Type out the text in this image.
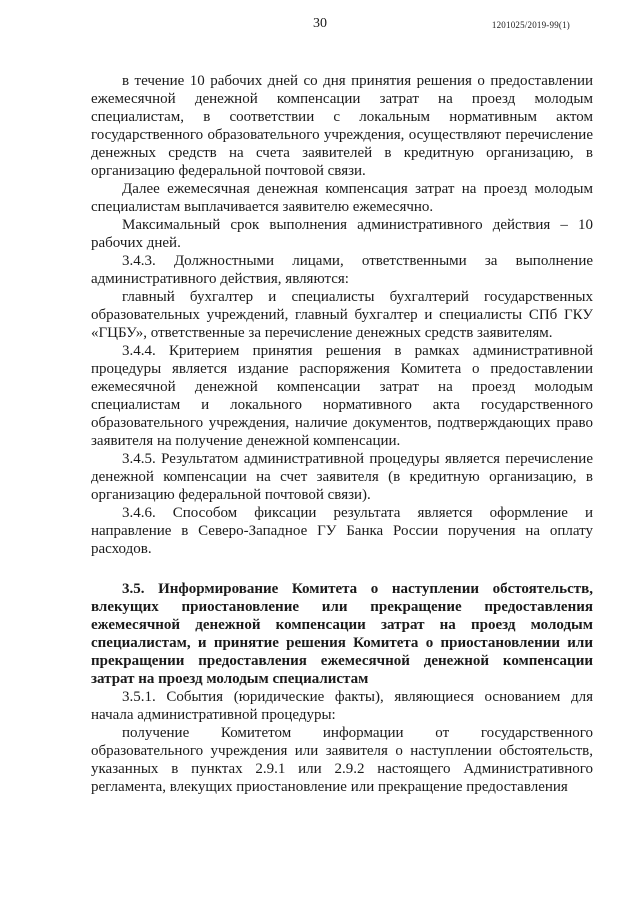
30	1201025/2019-99(1)

в течение 10 рабочих дней со дня принятия решения о предоставлении ежемесячной денежной компенсации затрат на проезд молодым специалистам, в соответствии с локальным нормативным актом государственного образовательного учреждения, осуществляют перечисление денежных средств на счета заявителей в кредитную организацию, в организацию федеральной почтовой связи.

Далее ежемесячная денежная компенсация затрат на проезд молодым специалистам выплачивается заявителю ежемесячно.

Максимальный срок выполнения административного действия – 10 рабочих дней.

3.4.3. Должностными лицами, ответственными за выполнение административного действия, являются:

главный бухгалтер и специалисты бухгалтерий государственных образовательных учреждений, главный бухгалтер и специалисты СПб ГКУ «ГЦБУ», ответственные за перечисление денежных средств заявителям.

3.4.4. Критерием принятия решения в рамках административной процедуры является издание распоряжения Комитета о предоставлении ежемесячной денежной компенсации затрат на проезд молодым специалистам и локального нормативного акта государственного образовательного учреждения, наличие документов, подтверждающих право заявителя на получение денежной компенсации.

3.4.5. Результатом административной процедуры является перечисление денежной компенсации на счет заявителя (в кредитную организацию, в организацию федеральной почтовой связи).

3.4.6. Способом фиксации результата является оформление и направление в Северо-Западное ГУ Банка России поручения на оплату расходов.

3.5. Информирование Комитета о наступлении обстоятельств, влекущих приостановление или прекращение предоставления ежемесячной денежной компенсации затрат на проезд молодым специалистам, и принятие решения Комитета о приостановлении или прекращении предоставления ежемесячной денежной компенсации затрат на проезд молодым специалистам

3.5.1. События (юридические факты), являющиеся основанием для начала административной процедуры:

получение Комитетом информации от государственного образовательного учреждения или заявителя о наступлении обстоятельств, указанных в пунктах 2.9.1 или 2.9.2 настоящего Административного регламента, влекущих приостановление или прекращение предоставления
